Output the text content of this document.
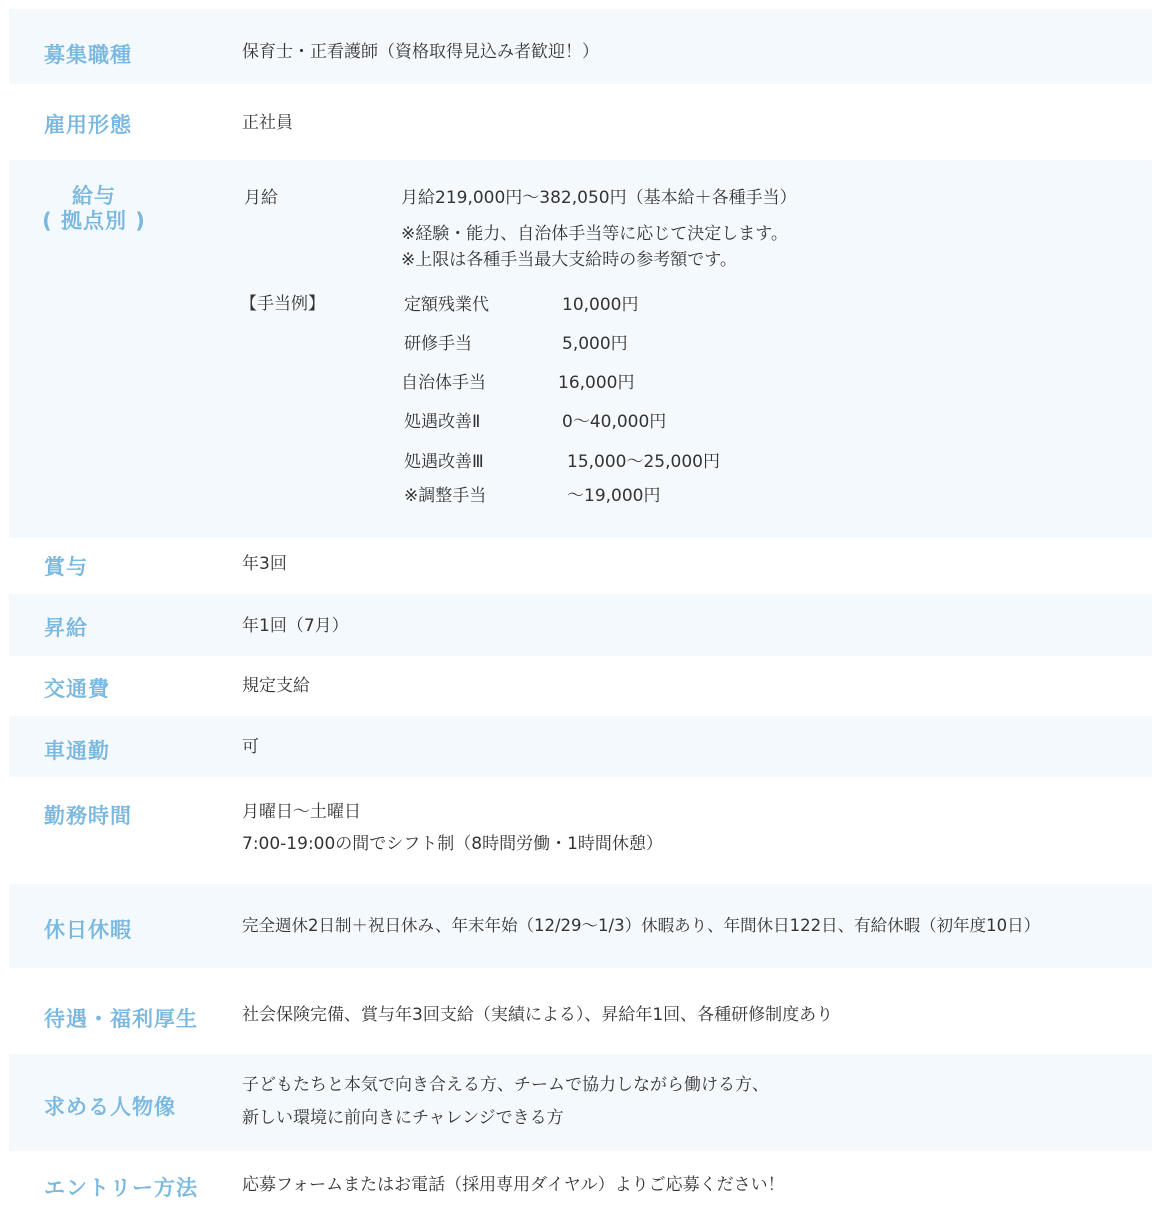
募集職種	保育士・正看護師（資格取得見込み者歓迎！）
雇用形態	正社員
給与
( 拠点別 )
月給	月給219,000円～382,050円（基本給＋各種手当）
※経験・能力、自治体手当等に応じて決定します。
※上限は各種手当最大支給時の参考額です。
【手当例】	定額残業代	10,000円
研修手当	5,000円
自治体手当	16,000円
処遇改善Ⅱ	0～40,000円
処遇改善Ⅲ	15,000～25,000円
※調整手当	～19,000円
賞与	年3回
昇給	年1回（7月）
交通費	規定支給
車通勤	可
勤務時間	月曜日～土曜日
7:00-19:00の間でシフト制（8時間労働・1時間休憩）
休日休暇	完全週休2日制＋祝日休み、年末年始（12/29～1/3）休暇あり、年間休日122日、有給休暇（初年度10日）
待遇・福利厚生	社会保険完備、賞与年3回支給（実績による）、昇給年1回、各種研修制度あり
求める人物像
子どもたちと本気で向き合える方、チームで協力しながら働ける方、
新しい環境に前向きにチャレンジできる方
エントリー方法	応募フォームまたはお電話（採用専用ダイヤル）よりご応募ください！
